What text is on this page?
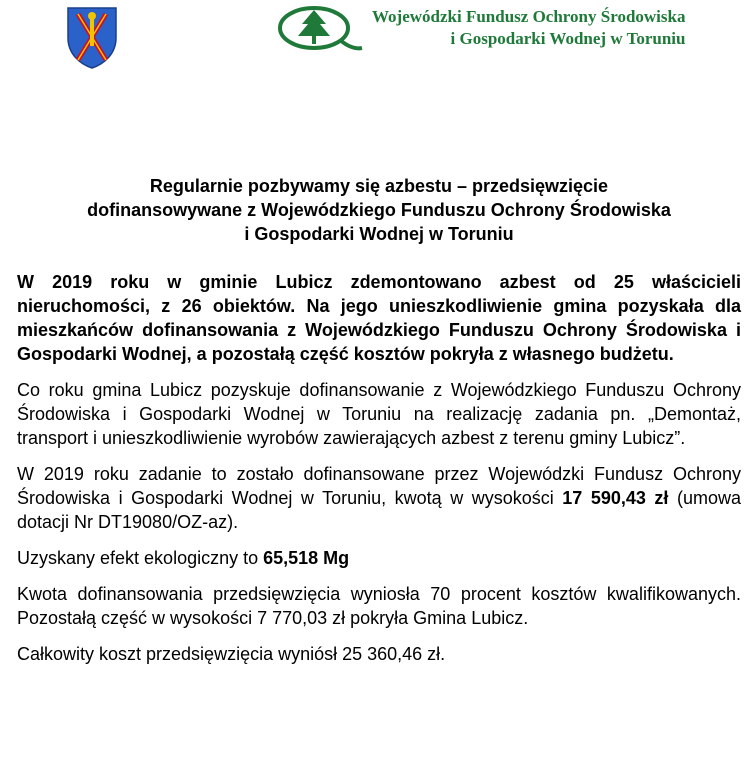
Wojewódzki Fundusz Ochrony Środowiska
i Gospodarki Wodnej w Toruniu
Regularnie pozbywamy się azbestu – przedsięwzięcie
dofinansowywane z Wojewódzkiego Funduszu Ochrony Środowiska
i Gospodarki Wodnej w Toruniu

W 2019 roku w gminie Lubicz zdemontowano azbest od 25 właścicieli nieruchomości, z 26 obiektów. Na jego unieszkodliwienie gmina pozyskała dla mieszkańców dofinansowania z Wojewódzkiego Funduszu Ochrony Środowiska i Gospodarki Wodnej, a pozostałą część kosztów pokryła z własnego budżetu.

Co roku gmina Lubicz pozyskuje dofinansowanie z Wojewódzkiego Funduszu Ochrony Środowiska i Gospodarki Wodnej w Toruniu na realizację zadania pn. „Demontaż, transport i unieszkodliwienie wyrobów zawierających azbest z terenu gminy Lubicz”.

W 2019 roku zadanie to zostało dofinansowane przez Wojewódzki Fundusz Ochrony Środowiska i Gospodarki Wodnej w Toruniu, kwotą w wysokości 17 590,43 zł (umowa dotacji Nr DT19080/OZ-az).

Uzyskany efekt ekologiczny to 65,518 Mg

Kwota dofinansowania przedsięwzięcia wyniosła 70 procent kosztów kwalifikowanych. Pozostałą część w wysokości 7 770,03 zł pokryła Gmina Lubicz.

Całkowity koszt przedsięwzięcia wyniósł 25 360,46 zł.
